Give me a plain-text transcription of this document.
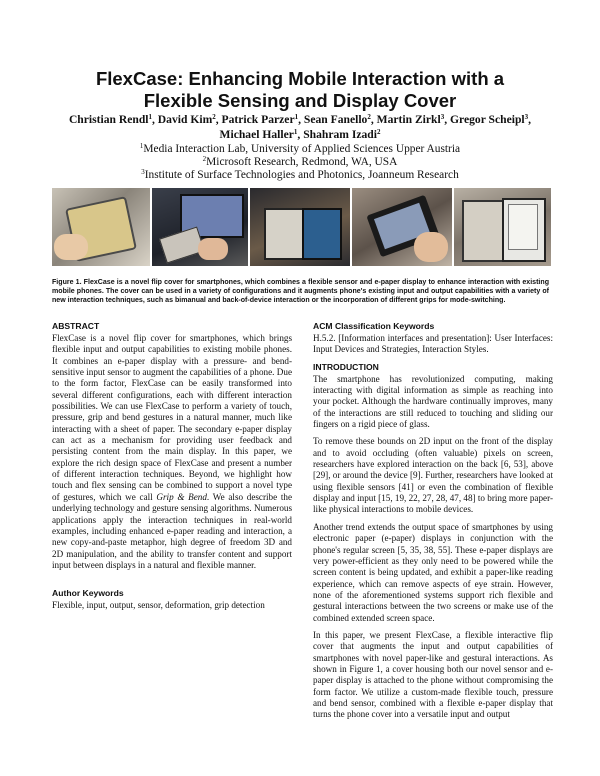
FlexCase: Enhancing Mobile Interaction with a
Flexible Sensing and Display Cover
Christian Rendl$^1$, David Kim$^2$, Patrick Parzer$^1$, Sean Fanello$^2$, Martin Zirkl$^3$, Gregor Scheipl$^3$,
Michael Haller$^1$, Shahram Izadi$^2$
$^1$Media Interaction Lab, University of Applied Sciences Upper Austria
$^2$Microsoft Research, Redmond, WA, USA
$^3$Institute of Surface Technologies and Photonics, Joanneum Research
Figure 1. FlexCase is a novel flip cover for smartphones, which combines a flexible sensor and e-paper display to enhance interaction with existing mobile phones. The cover can be used in a variety of configurations and it augments phone's existing input and output capabilities with a variety of new interaction techniques, such as bimanual and back-of-device interaction or the incorporation of different grips for mode-switching.
ABSTRACT

FlexCase is a novel flip cover for smartphones, which brings flexible input and output capabilities to existing mobile phones. It combines an e-paper display with a pressure- and bend-sensitive input sensor to augment the capabilities of a phone. Due to the form factor, FlexCase can be easily transformed into several different configurations, each with different interaction possibilities. We can use FlexCase to perform a variety of touch, pressure, grip and bend gestures in a natural manner, much like interacting with a sheet of paper. The secondary e-paper display can act as a mechanism for providing user feedback and persisting content from the main display. In this paper, we explore the rich design space of FlexCase and present a number of different interaction techniques. Beyond, we highlight how touch and flex sensing can be combined to support a novel type of gestures, which we call Grip & Bend. We also describe the underlying technology and gesture sensing algorithms. Numerous applications apply the interaction techniques in real-world examples, including enhanced e-paper reading and interaction, a new copy-and-paste metaphor, high degree of freedom 3D and 2D manipulation, and the ability to transfer content and support input between displays in a natural and flexible manner.

Author Keywords

Flexible, input, output, sensor, deformation, grip detection

ACM Classification Keywords

H.5.2. [Information interfaces and presentation]: User Interfaces: Input Devices and Strategies, Interaction Styles.

INTRODUCTION

The smartphone has revolutionized computing, making interacting with digital information as simple as reaching into your pocket. Although the hardware continually improves, many of the interactions are still reduced to touching and sliding our fingers on a rigid piece of glass.

To remove these bounds on 2D input on the front of the display and to avoid occluding (often valuable) pixels on screen, researchers have explored interaction on the back [6, 53], above [29], or around the device [9]. Further, researchers have looked at using flexible sensors [41] or even the combination of flexible display and input [15, 19, 22, 27, 28, 47, 48] to bring more paper-like physical interactions to mobile devices.

Another trend extends the output space of smartphones by using electronic paper (e-paper) displays in conjunction with the phone's regular screen [5, 35, 38, 55]. These e-paper displays are very power-efficient as they only need to be powered while the screen content is being updated, and exhibit a paper-like reading experience, which can remove aspects of eye strain. However, none of the aforementioned systems support rich flexible and gestural interactions between the two screens or make use of the combined extended screen space.

In this paper, we present FlexCase, a flexible interactive flip cover that augments the input and output capabilities of smartphones with novel paper-like and gestural interactions. As shown in Figure 1, a cover housing both our novel sensor and e-paper display is attached to the phone without compromising the form factor. We utilize a custom-made flexible touch, pressure and bend sensor, combined with a flexible e-paper display that turns the phone cover into a versatile input and output
